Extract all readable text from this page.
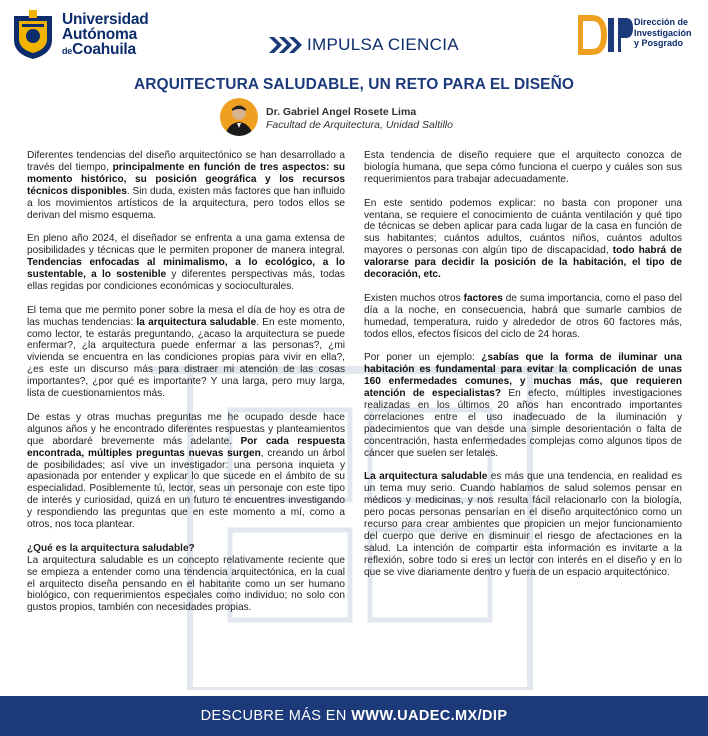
Universidad
Autónoma
deCoahuila	IMPULSA CIENCIA
Dirección de
Investigación
y Posgrado
ARQUITECTURA SALUDABLE, UN RETO PARA EL DISEÑO
Dr. Gabriel Angel Rosete Lima
Facultad de Arquitectura, Unidad Saltillo

Diferentes tendencias del diseño arquitectónico se han desarrollado a través del tiempo, principalmente en función de tres aspectos: su momento histórico, su posición geográfica y los recursos técnicos disponibles. Sin duda, existen más factores que han influido a los movimientos artísticos de la arquitectura, pero todos ellos se derivan del mismo esquema.

En pleno año 2024, el diseñador se enfrenta a una gama extensa de posibilidades y técnicas que le permiten proponer de manera integral. Tendencias enfocadas al minimalismo, a lo ecológico, a lo sustentable, a lo sostenible y diferentes perspectivas más, todas ellas regidas por condiciones económicas y socioculturales.

El tema que me permito poner sobre la mesa el día de hoy es otra de las muchas tendencias: la arquitectura saludable. En este momento, como lector, te estarás preguntando, ¿acaso la arquitectura se puede enfermar?, ¿la arquitectura puede enfermar a las personas?, ¿mi vivienda se encuentra en las condiciones propias para vivir en ella?, ¿es este un discurso más para distraer mi atención de las cosas importantes?, ¿por qué es importante? Y una larga, pero muy larga, lista de cuestionamientos más.

De estas y otras muchas preguntas me he ocupado desde hace algunos años y he encontrado diferentes respuestas y planteamientos que abordaré brevemente más adelante. Por cada respuesta encontrada, múltiples preguntas nuevas surgen, creando un árbol de posibilidades; así vive un investigador: una persona inquieta y apasionada por entender y explicar lo que sucede en el ámbito de su especialidad. Posiblemente tú, lector, seas un personaje con este tipo de interés y curiosidad, quizá en un futuro te encuentres investigando y respondiendo las preguntas que en este momento a mí, como a otros, nos toca plantear.

¿Qué es la arquitectura saludable?

La arquitectura saludable es un concepto relativamente reciente que se empieza a entender como una tendencia arquitectónica, en la cual el arquitecto diseña pensando en el habitante como un ser humano biológico, con requerimientos especiales como individuo; no solo con gustos propios, también con necesidades propias.

Esta tendencia de diseño requiere que el arquitecto conozca de biología humana, que sepa cómo funciona el cuerpo y cuáles son sus requerimientos para trabajar adecuadamente.

En este sentido podemos explicar: no basta con proponer una ventana, se requiere el conocimiento de cuánta ventilación y qué tipo de técnicas se deben aplicar para cada lugar de la casa en función de sus habitantes; cuántos adultos, cuántos niños, cuántos adultos mayores o personas con algún tipo de discapacidad, todo habrá de valorarse para decidir la posición de la habitación, el tipo de decoración, etc.

Existen muchos otros factores de suma importancia, como el paso del día a la noche, en consecuencia, habrá que sumarle cambios de humedad, temperatura, ruido y alrededor de otros 60 factores más, todos ellos, efectos físicos del ciclo de 24 horas.

Por poner un ejemplo: ¿sabías que la forma de iluminar una habitación es fundamental para evitar la complicación de unas 160 enfermedades comunes, y muchas más, que requieren atención de especialistas? En efecto, múltiples investigaciones realizadas en los últimos 20 años han encontrado importantes correlaciones entre el uso inadecuado de la iluminación y padecimientos que van desde una simple desorientación o falta de concentración, hasta enfermedades complejas como algunos tipos de cáncer que suelen ser letales.

La arquitectura saludable es más que una tendencia, en realidad es un tema muy serio. Cuando hablamos de salud solemos pensar en médicos y medicinas, y nos resulta fácil relacionarlo con la biología, pero pocas personas pensarían en el diseño arquitectónico como un recurso para crear ambientes que propicien un mejor funcionamiento del cuerpo que derive en disminuir el riesgo de afectaciones en la salud. La intención de compartir esta información es invitarte a la reflexión, sobre todo si eres un lector con interés en el diseño y en lo que se vive diariamente dentro y fuera de un espacio arquitectónico.

DESCUBRE MÁS EN WWW.UADEC.MX/DIP
